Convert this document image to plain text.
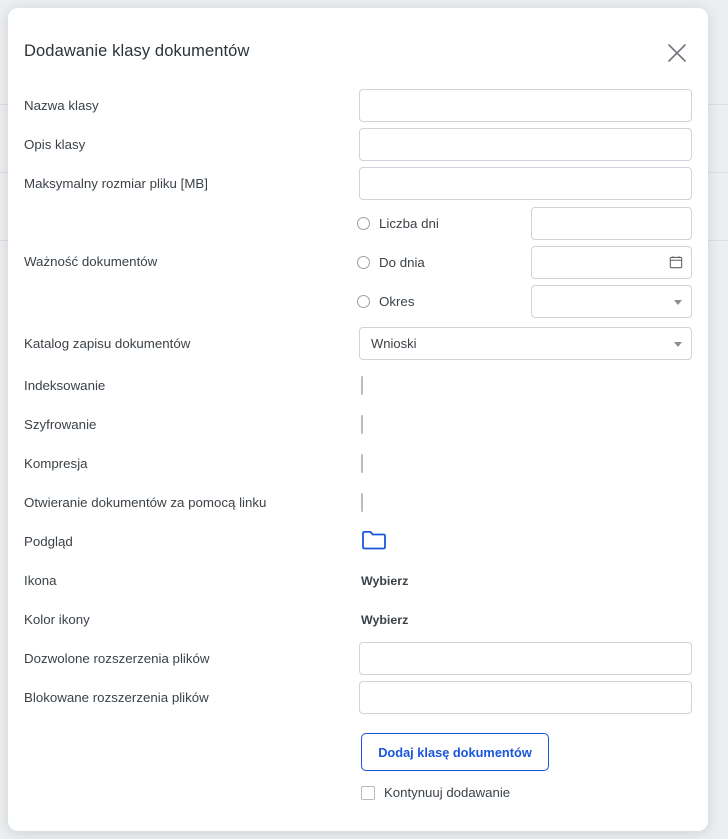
Dodawanie klasy dokumentów
Nazwa klasy
Opis klasy
Maksymalny rozmiar pliku [MB]
Ważność dokumentów
Liczba dni
Do dnia
Okres
Katalog zapisu dokumentów	Wnioski
Indeksowanie
Szyfrowanie
Kompresja
Otwieranie dokumentów za pomocą linku
Podgląd
Ikona	Wybierz
Kolor ikony	Wybierz
Dozwolone rozszerzenia plików
Blokowane rozszerzenia plików
Dodaj klasę dokumentów
Kontynuuj dodawanie
